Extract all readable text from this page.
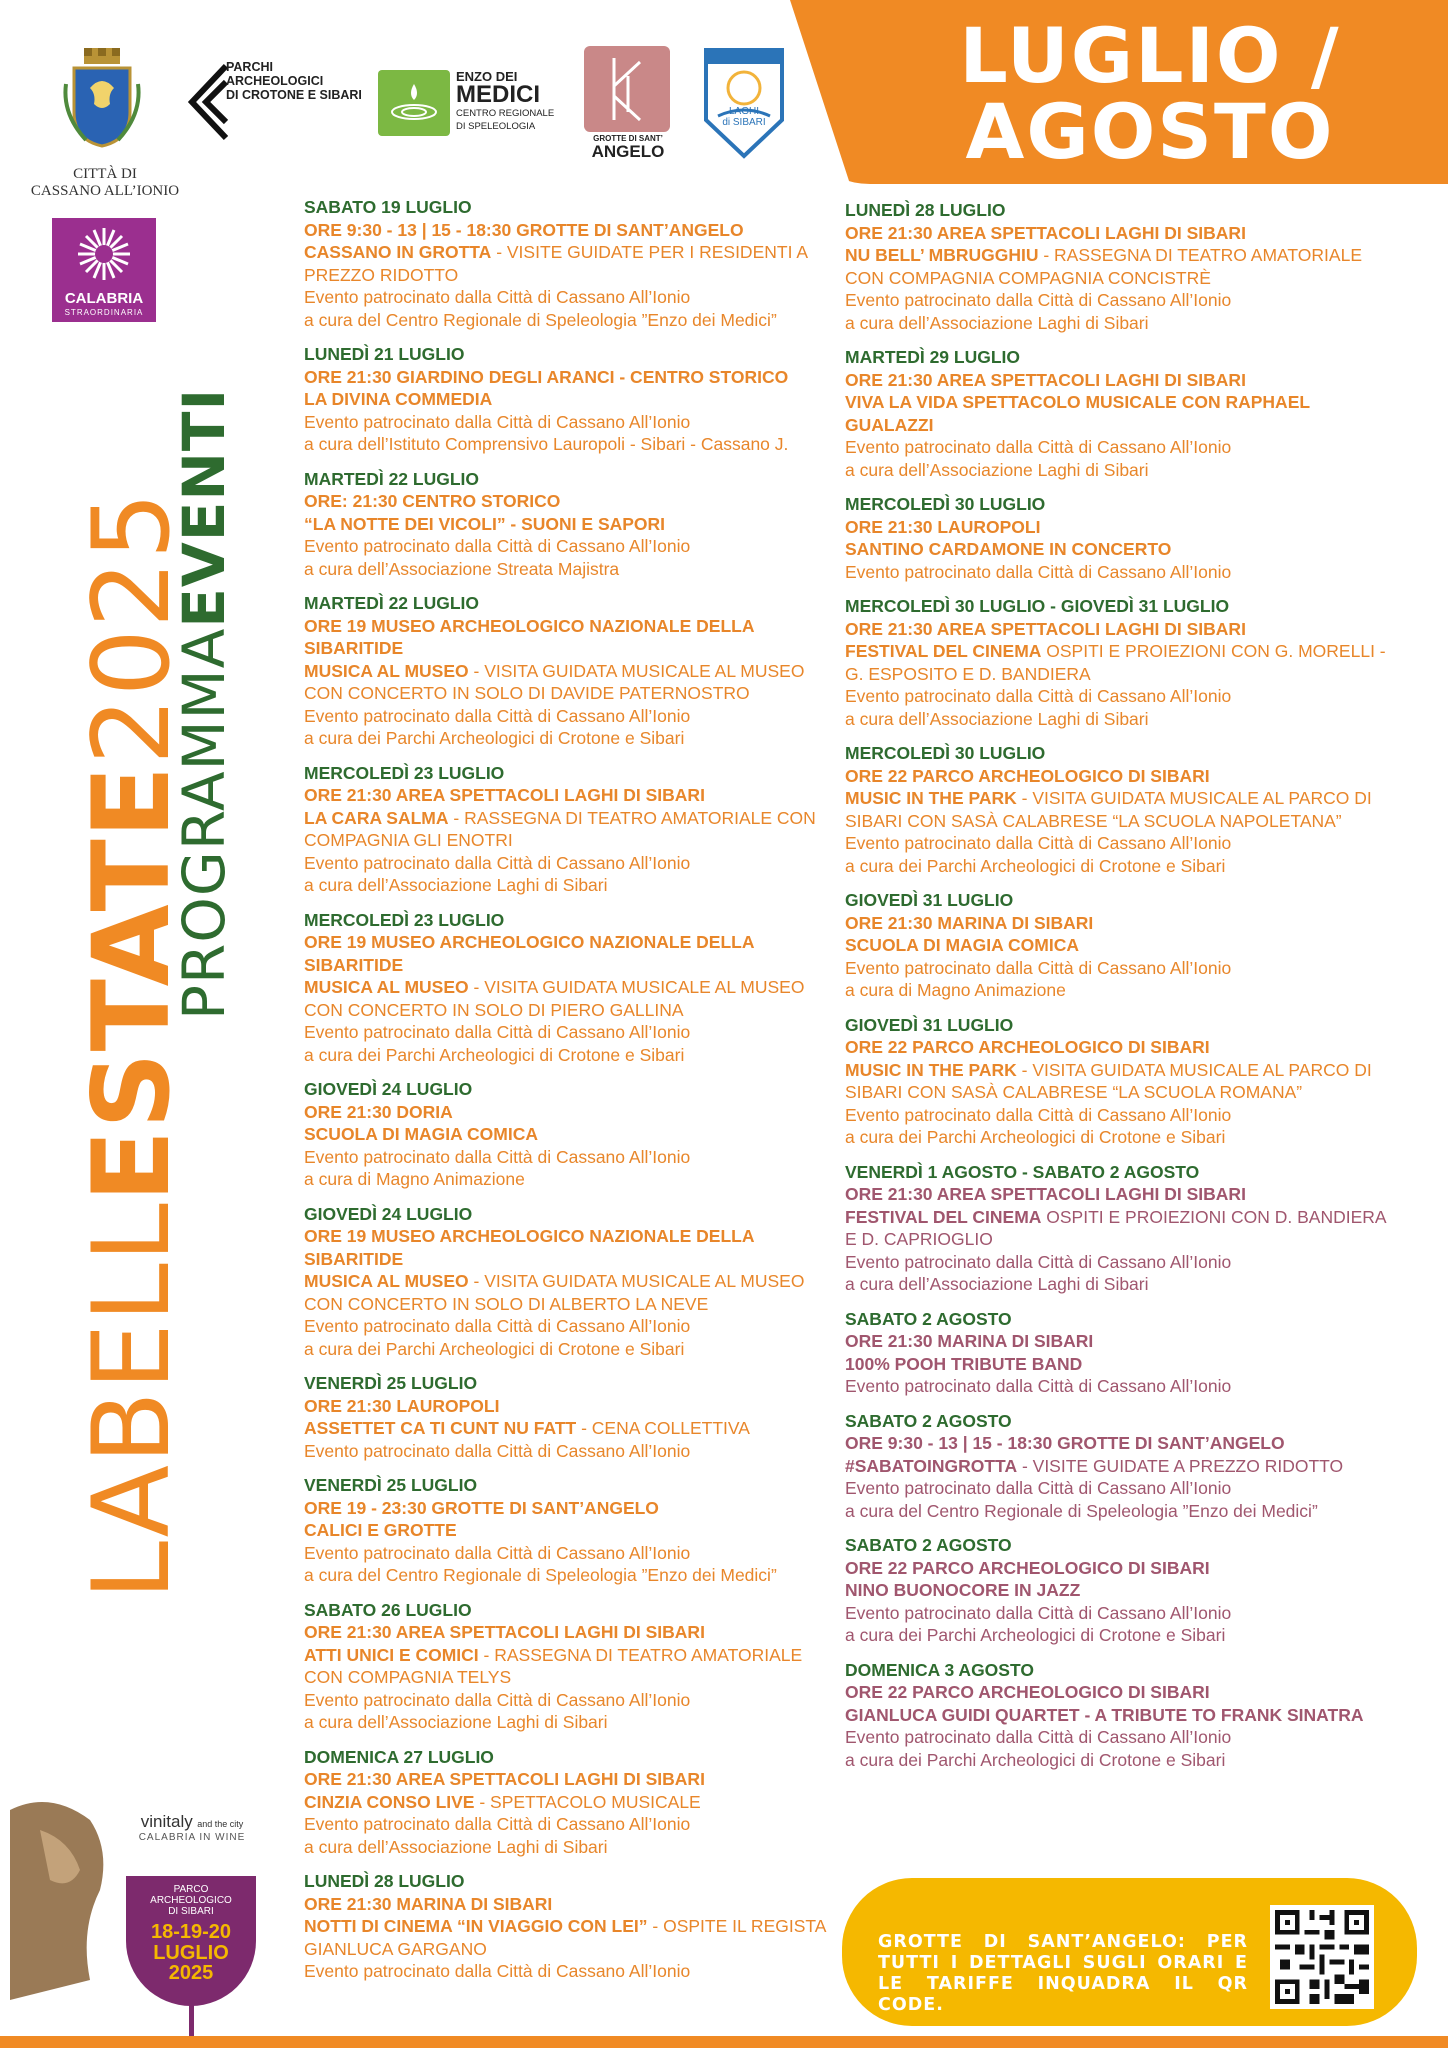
LUGLIO /
AGOSTO
CITTÀ DI
CASSANO ALL’IONIO
PARCHI
ARCHEOLOGICI
DI CROTONE E SIBARI
ENZO DEI
MEDICI
CENTRO REGIONALE
DI SPELEOLOGIA
GROTTE DI SANT’
ANGELO
LAGHI
di SIBARI
CALABRIA
STRAORDINARIA
LABELLESTATE2025
PROGRAMMAEVENTI
SABATO 19 LUGLIO
ORE 9:30 - 13 | 15 - 18:30 GROTTE DI SANT’ANGELO
CASSANO IN GROTTA - VISITE GUIDATE PER I RESIDENTI A PREZZO RIDOTTO
Evento patrocinato dalla Città di Cassano All’Ionio
a cura del Centro Regionale di Speleologia ”Enzo dei Medici”
LUNEDÌ 21 LUGLIO
ORE 21:30 GIARDINO DEGLI ARANCI - CENTRO STORICO
LA DIVINA COMMEDIA
Evento patrocinato dalla Città di Cassano All’Ionio
a cura dell’Istituto Comprensivo Lauropoli - Sibari - Cassano J.
MARTEDÌ 22 LUGLIO
ORE: 21:30 CENTRO STORICO
“LA NOTTE DEI VICOLI” - SUONI E SAPORI
Evento patrocinato dalla Città di Cassano All’Ionio
a cura dell’Associazione Streata Majistra
MARTEDÌ 22 LUGLIO
ORE 19 MUSEO ARCHEOLOGICO NAZIONALE DELLA SIBARITIDE
MUSICA AL MUSEO - VISITA GUIDATA MUSICALE AL MUSEO CON CONCERTO IN SOLO DI DAVIDE PATERNOSTRO
Evento patrocinato dalla Città di Cassano All’Ionio
a cura dei Parchi Archeologici di Crotone e Sibari
MERCOLEDÌ 23 LUGLIO
ORE 21:30 AREA SPETTACOLI LAGHI DI SIBARI
LA CARA SALMA - RASSEGNA DI TEATRO AMATORIALE CON COMPAGNIA GLI ENOTRI
Evento patrocinato dalla Città di Cassano All’Ionio
a cura dell’Associazione Laghi di Sibari
MERCOLEDÌ 23 LUGLIO
ORE 19 MUSEO ARCHEOLOGICO NAZIONALE DELLA SIBARITIDE
MUSICA AL MUSEO - VISITA GUIDATA MUSICALE AL MUSEO CON CONCERTO IN SOLO DI PIERO GALLINA
Evento patrocinato dalla Città di Cassano All’Ionio
a cura dei Parchi Archeologici di Crotone e Sibari
GIOVEDÌ 24 LUGLIO
ORE 21:30 DORIA
SCUOLA DI MAGIA COMICA
Evento patrocinato dalla Città di Cassano All’Ionio
a cura di Magno Animazione
GIOVEDÌ 24 LUGLIO
ORE 19 MUSEO ARCHEOLOGICO NAZIONALE DELLA SIBARITIDE
MUSICA AL MUSEO - VISITA GUIDATA MUSICALE AL MUSEO CON CONCERTO IN SOLO DI ALBERTO LA NEVE
Evento patrocinato dalla Città di Cassano All’Ionio
a cura dei Parchi Archeologici di Crotone e Sibari
VENERDÌ 25 LUGLIO
ORE 21:30 LAUROPOLI
ASSETTET CA TI CUNT NU FATT - CENA COLLETTIVA
Evento patrocinato dalla Città di Cassano All’Ionio
VENERDÌ 25 LUGLIO
ORE 19 - 23:30 GROTTE DI SANT’ANGELO
CALICI E GROTTE
Evento patrocinato dalla Città di Cassano All’Ionio
a cura del Centro Regionale di Speleologia ”Enzo dei Medici”
SABATO 26 LUGLIO
ORE 21:30 AREA SPETTACOLI LAGHI DI SIBARI
ATTI UNICI E COMICI - RASSEGNA DI TEATRO AMATORIALE CON COMPAGNIA TELYS
Evento patrocinato dalla Città di Cassano All’Ionio
a cura dell’Associazione Laghi di Sibari
DOMENICA 27 LUGLIO
ORE 21:30 AREA SPETTACOLI LAGHI DI SIBARI
CINZIA CONSO LIVE - SPETTACOLO MUSICALE
Evento patrocinato dalla Città di Cassano All’Ionio
a cura dell’Associazione Laghi di Sibari
LUNEDÌ 28 LUGLIO
ORE 21:30 MARINA DI SIBARI
NOTTI DI CINEMA “IN VIAGGIO CON LEI” - OSPITE IL REGISTA GIANLUCA GARGANO
Evento patrocinato dalla Città di Cassano All’Ionio
LUNEDÌ 28 LUGLIO
ORE 21:30 AREA SPETTACOLI LAGHI DI SIBARI
NU BELL’ MBRUGGHIU - RASSEGNA DI TEATRO AMATORIALE CON COMPAGNIA COMPAGNIA CONCISTRÈ
Evento patrocinato dalla Città di Cassano All’Ionio
a cura dell’Associazione Laghi di Sibari
MARTEDÌ 29 LUGLIO
ORE 21:30 AREA SPETTACOLI LAGHI DI SIBARI
VIVA LA VIDA SPETTACOLO MUSICALE CON RAPHAEL GUALAZZI
Evento patrocinato dalla Città di Cassano All’Ionio
a cura dell’Associazione Laghi di Sibari
MERCOLEDÌ 30 LUGLIO
ORE 21:30 LAUROPOLI
SANTINO CARDAMONE IN CONCERTO
Evento patrocinato dalla Città di Cassano All’Ionio
MERCOLEDÌ 30 LUGLIO - GIOVEDÌ 31 LUGLIO
ORE 21:30 AREA SPETTACOLI LAGHI DI SIBARI
FESTIVAL DEL CINEMA OSPITI E PROIEZIONI CON G. MORELLI - G. ESPOSITO E D. BANDIERA
Evento patrocinato dalla Città di Cassano All’Ionio
a cura dell’Associazione Laghi di Sibari
MERCOLEDÌ 30 LUGLIO
ORE 22 PARCO ARCHEOLOGICO DI SIBARI
MUSIC IN THE PARK - VISITA GUIDATA MUSICALE AL PARCO DI SIBARI CON SASÀ CALABRESE “LA SCUOLA NAPOLETANA”
Evento patrocinato dalla Città di Cassano All’Ionio
a cura dei Parchi Archeologici di Crotone e Sibari
GIOVEDÌ 31 LUGLIO
ORE 21:30 MARINA DI SIBARI
SCUOLA DI MAGIA COMICA
Evento patrocinato dalla Città di Cassano All’Ionio
a cura di Magno Animazione
GIOVEDÌ 31 LUGLIO
ORE 22 PARCO ARCHEOLOGICO DI SIBARI
MUSIC IN THE PARK - VISITA GUIDATA MUSICALE AL PARCO DI SIBARI CON SASÀ CALABRESE “LA SCUOLA ROMANA”
Evento patrocinato dalla Città di Cassano All’Ionio
a cura dei Parchi Archeologici di Crotone e Sibari
VENERDÌ 1 AGOSTO - SABATO 2 AGOSTO
ORE 21:30 AREA SPETTACOLI LAGHI DI SIBARI
FESTIVAL DEL CINEMA OSPITI E PROIEZIONI CON D. BANDIERA E D. CAPRIOGLIO
Evento patrocinato dalla Città di Cassano All’Ionio
a cura dell’Associazione Laghi di Sibari
SABATO 2 AGOSTO
ORE 21:30 MARINA DI SIBARI
100% POOH TRIBUTE BAND
Evento patrocinato dalla Città di Cassano All’Ionio
SABATO 2 AGOSTO
ORE 9:30 - 13 | 15 - 18:30 GROTTE DI SANT’ANGELO
#SABATOINGROTTA - VISITE GUIDATE A PREZZO RIDOTTO
Evento patrocinato dalla Città di Cassano All’Ionio
a cura del Centro Regionale di Speleologia ”Enzo dei Medici”
SABATO 2 AGOSTO
ORE 22 PARCO ARCHEOLOGICO DI SIBARI
NINO BUONOCORE IN JAZZ
Evento patrocinato dalla Città di Cassano All’Ionio
a cura dei Parchi Archeologici di Crotone e Sibari
DOMENICA 3 AGOSTO
ORE 22 PARCO ARCHEOLOGICO DI SIBARI
GIANLUCA GUIDI QUARTET - A TRIBUTE TO FRANK SINATRA
Evento patrocinato dalla Città di Cassano All’Ionio
a cura dei Parchi Archeologici di Crotone e Sibari
vinitaly and the city
CALABRIA IN WINE
PARCO
ARCHEOLOGICO
DI SIBARI
18-19-20
LUGLIO
2025
GROTTE DI SANT’ANGELO: PER TUTTI I DETTAGLI SUGLI ORARI E LE TARIFFE INQUADRA IL QR CODE.
